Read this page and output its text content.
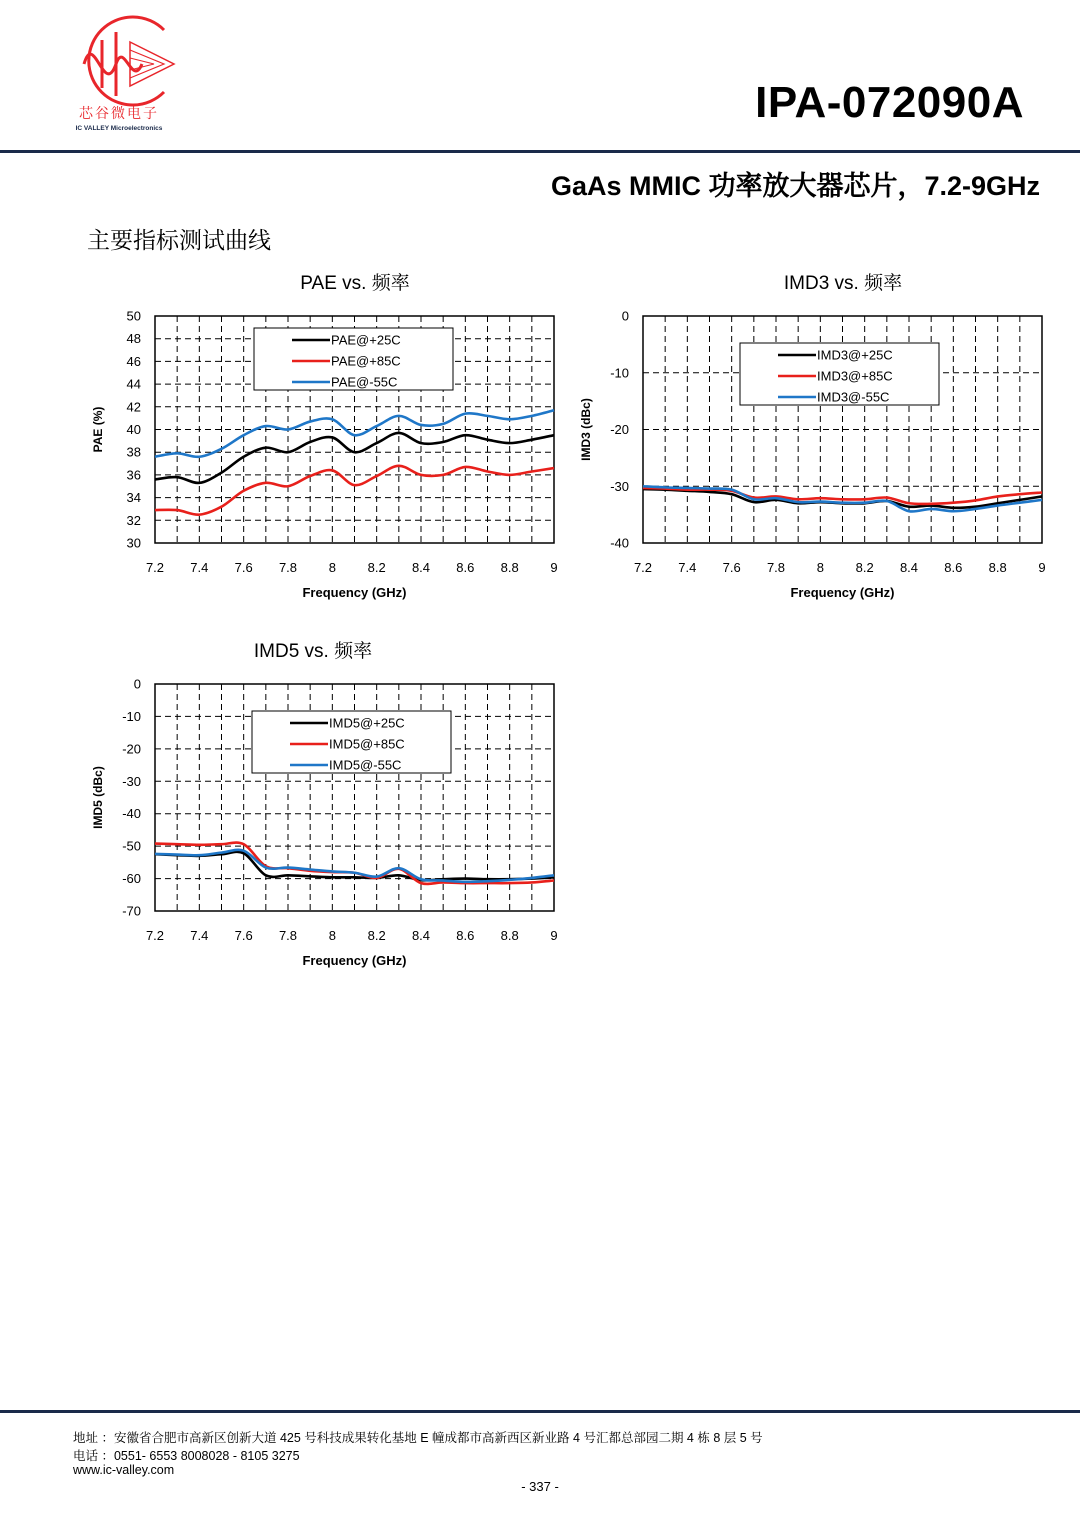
芯谷微电子
IC VALLEY Microelectronics
IPA-072090A
GaAs MMIC 功率放大器芯片，7.2-9GHz
主要指标测试曲线
PAE vs. 频率
50
48
46
44
42
40
38
36
34
32
30
7.2 7.4 7.6 7.8 8 8.2 8.4 8.6 8.8 9
Frequency (GHz)
PAE (%)
PAE@+25C
PAE@+85C
PAE@-55C
IMD3 vs. 频率
0
-10
-20
-30
-40
7.2 7.4 7.6 7.8 8 8.2 8.4 8.6 8.8 9
Frequency (GHz)
IMD3 (dBc)
IMD3@+25C
IMD3@+85C
IMD3@-55C
IMD5 vs. 频率
0
-10
-20
-30
-40
-50
-60
-70
7.2 7.4 7.6 7.8 8 8.2 8.4 8.6 8.8 9
Frequency (GHz)
IMD5 (dBc)
IMD5@+25C
IMD5@+85C
IMD5@-55C
地址 ：安徽省合肥市高新区创新大道 425 号科技成果转化基地 E 幢成都市高新西区新业路 4 号汇都总部园二期 4 栋 8 层 5 号
电话 ：0551- 6553 8008028 - 8105 3275
www.ic-valley.com
- 337 -
